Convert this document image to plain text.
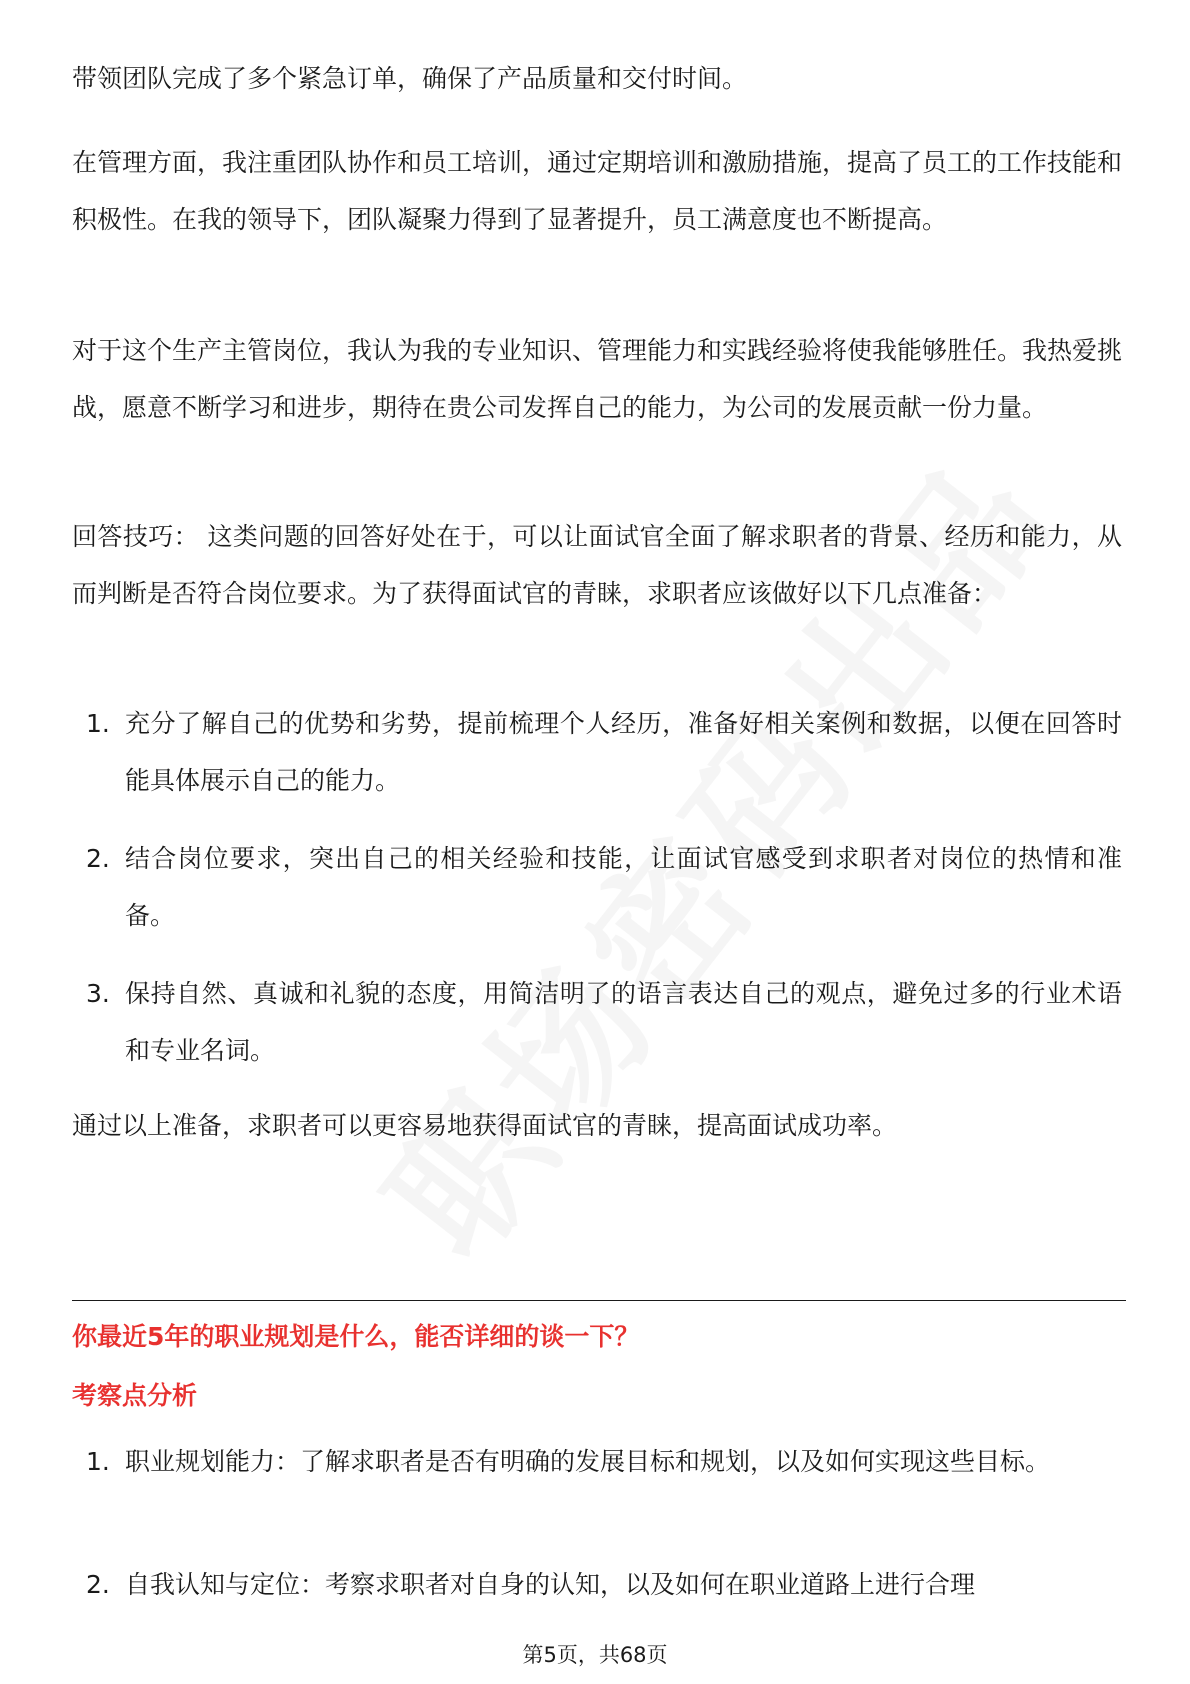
带领团队完成了多个紧急订单，确保了产品质量和交付时间。

在管理方面，我注重团队协作和员工培训，通过定期培训和激励措施，提高了员工的工作技能和积极性。在我的领导下，团队凝聚力得到了显著提升，员工满意度也不断提高。

对于这个生产主管岗位，我认为我的专业知识、管理能力和实践经验将使我能够胜任。我热爱挑战，愿意不断学习和进步，期待在贵公司发挥自己的能力，为公司的发展贡献一份力量。

回答技巧： 这类问题的回答好处在于，可以让面试官全面了解求职者的背景、经历和能力，从而判断是否符合岗位要求。为了获得面试官的青睐，求职者应该做好以下几点准备：

1. 充分了解自己的优势和劣势，提前梳理个人经历，准备好相关案例和数据，以便在回答时能具体展示自己的能力。
2. 结合岗位要求，突出自己的相关经验和技能，让面试官感受到求职者对岗位的热情和准备。
3. 保持自然、真诚和礼貌的态度，用简洁明了的语言表达自己的观点，避免过多的行业术语和专业名词。

通过以上准备，求职者可以更容易地获得面试官的青睐，提高面试成功率。

你最近5年的职业规划是什么，能否详细的谈一下？
考察点分析
1. 职业规划能力：了解求职者是否有明确的发展目标和规划，以及如何实现这些目标。
2. 自我认知与定位：考察求职者对自身的认知，以及如何在职业道路上进行合理
第5页，共68页
